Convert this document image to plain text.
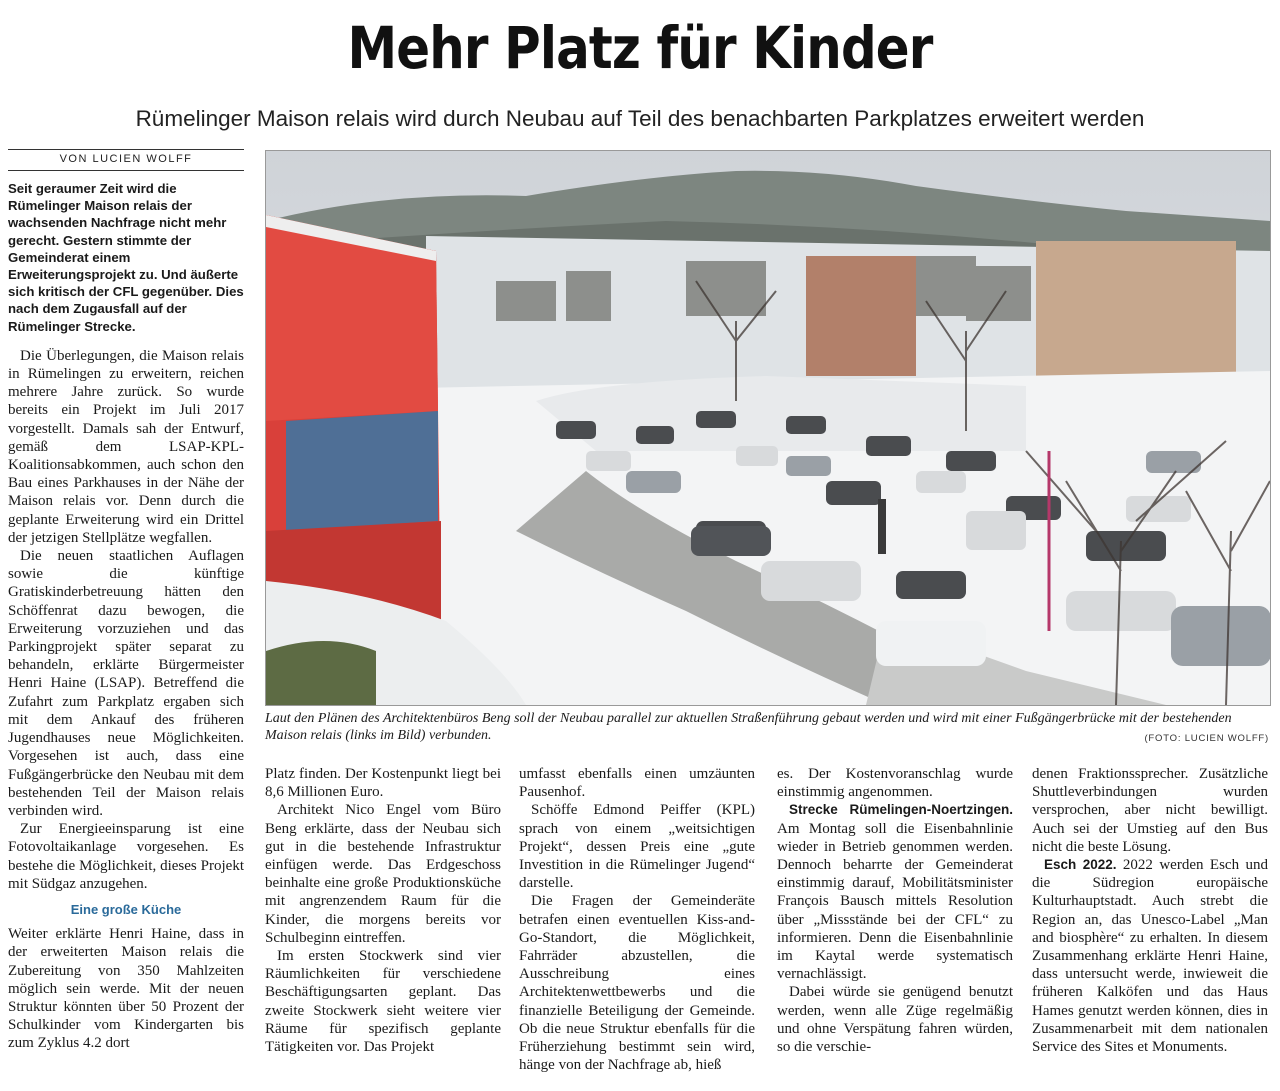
Mehr Platz für Kinder
Rümelinger Maison relais wird durch Neubau auf Teil des benachbarten Parkplatzes erweitert werden
VON LUCIEN WOLFF

Seit geraumer Zeit wird die Rümelinger Maison relais der wachsenden Nachfrage nicht mehr gerecht. Gestern stimmte der Gemeinderat einem Erweiterungsprojekt zu. Und äußerte sich kritisch der CFL gegenüber. Dies nach dem Zugausfall auf der Rümelinger Strecke.

Die Überlegungen, die Maison relais in Rümelingen zu erweitern, reichen mehrere Jahre zurück. So wurde bereits ein Projekt im Juli 2017 vorgestellt. Damals sah der Entwurf, gemäß dem LSAP-KPL-Koalitionsabkommen, auch schon den Bau eines Parkhauses in der Nähe der Maison relais vor. Denn durch die geplante Erweiterung wird ein Drittel der jetzigen Stellplätze wegfallen.

Die neuen staatlichen Auflagen sowie die künftige Gratiskinderbetreuung hätten den Schöffenrat dazu bewogen, die Erweiterung vorzuziehen und das Parkingprojekt später separat zu behandeln, erklärte Bürgermeister Henri Haine (LSAP). Betreffend die Zufahrt zum Parkplatz ergaben sich mit dem Ankauf des früheren Jugendhauses neue Möglichkeiten. Vorgesehen ist auch, dass eine Fußgängerbrücke den Neubau mit dem bestehenden Teil der Maison relais verbinden wird.

Zur Energieeinsparung ist eine Fotovoltaikanlage vorgesehen. Es bestehe die Möglichkeit, dieses Projekt mit Südgaz anzugehen.

Eine große Küche

Weiter erklärte Henri Haine, dass in der erweiterten Maison relais die Zubereitung von 350 Mahlzeiten möglich sein werde. Mit der neuen Struktur könnten über 50 Prozent der Schulkinder vom Kindergarten bis zum Zyklus 4.2 dort

Laut den Plänen des Architektenbüros Beng soll der Neubau parallel zur aktuellen Straßenführung gebaut werden und wird mit einer Fußgängerbrücke mit der bestehenden Maison relais (links im Bild) verbunden.	(FOTO: LUCIEN WOLFF)

Platz finden. Der Kostenpunkt liegt bei 8,6 Millionen Euro.

Architekt Nico Engel vom Büro Beng erklärte, dass der Neubau sich gut in die bestehende Infrastruktur einfügen werde. Das Erdgeschoss beinhalte eine große Produktionsküche mit angrenzendem Raum für die Kinder, die morgens bereits vor Schulbeginn eintreffen.

Im ersten Stockwerk sind vier Räumlichkeiten für verschiedene Beschäftigungsarten geplant. Das zweite Stockwerk sieht weitere vier Räume für spezifisch geplante Tätigkeiten vor. Das Projekt

umfasst ebenfalls einen umzäunten Pausenhof.

Schöffe Edmond Peiffer (KPL) sprach von einem „weitsichtigen Projekt“, dessen Preis eine „gute Investition in die Rümelinger Jugend“ darstelle.

Die Fragen der Gemeinderäte betrafen einen eventuellen Kiss-and-Go-Standort, die Möglichkeit, Fahrräder abzustellen, die Ausschreibung eines Architektenwettbewerbs und die finanzielle Beteiligung der Gemeinde. Ob die neue Struktur ebenfalls für die Früherziehung bestimmt sein wird, hänge von der Nachfrage ab, hieß

es. Der Kostenvoranschlag wurde einstimmig angenommen.

Strecke Rümelingen-Noertzingen. Am Montag soll die Eisenbahnlinie wieder in Betrieb genommen werden. Dennoch beharrte der Gemeinderat einstimmig darauf, Mobilitätsminister François Bausch mittels Resolution über „Missstände bei der CFL“ zu informieren. Denn die Eisenbahnlinie im Kaytal werde systematisch vernachlässigt.

Dabei würde sie genügend benutzt werden, wenn alle Züge regelmäßig und ohne Verspätung fahren würden, so die verschie-

denen Fraktionssprecher. Zusätzliche Shuttleverbindungen wurden versprochen, aber nicht bewilligt. Auch sei der Umstieg auf den Bus nicht die beste Lösung.

Esch 2022. 2022 werden Esch und die Südregion europäische Kulturhauptstadt. Auch strebt die Region an, das Unesco-Label „Man and biosphère“ zu erhalten. In diesem Zusammenhang erklärte Henri Haine, dass untersucht werde, inwieweit die früheren Kalköfen und das Haus Hames genutzt werden können, dies in Zusammenarbeit mit dem nationalen Service des Sites et Monuments.
